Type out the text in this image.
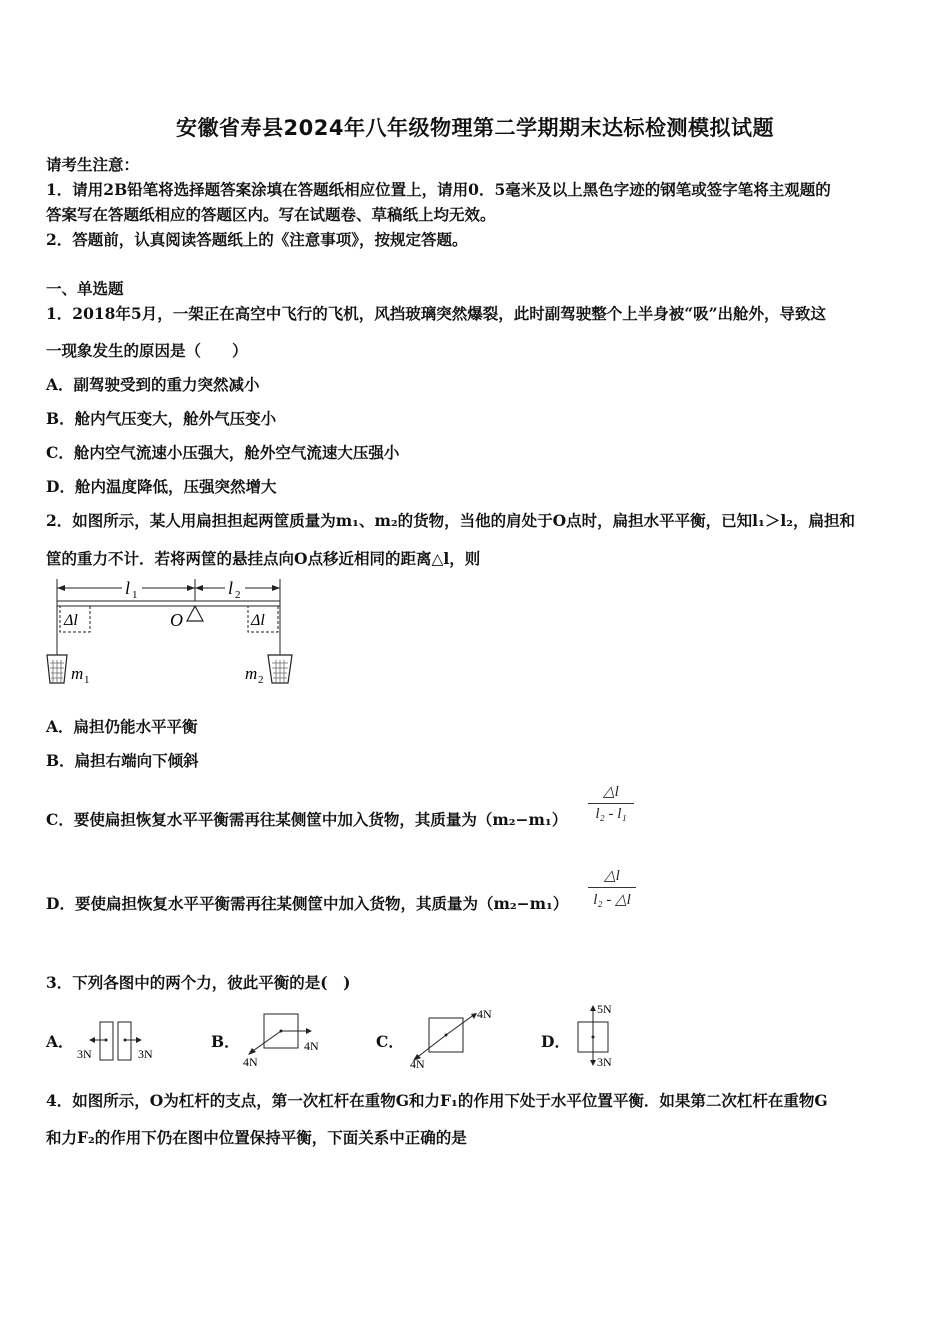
安徽省寿县2024年八年级物理第二学期期末达标检测模拟试题
请考生注意：
1．请用2B铅笔将选择题答案涂填在答题纸相应位置上，请用0．5毫米及以上黑色字迹的钢笔或签字笔将主观题的
答案写在答题纸相应的答题区内。写在试题卷、草稿纸上均无效。
2．答题前，认真阅读答题纸上的《注意事项》，按规定答题。
一、单选题
1．2018年5月，一架正在高空中飞行的飞机，风挡玻璃突然爆裂，此时副驾驶整个上半身被“吸”出舱外，导致这
一现象发生的原因是（　　）
A．副驾驶受到的重力突然减小
B．舱内气压变大，舱外气压变小
C．舱内空气流速小压强大，舱外空气流速大压强小
D．舱内温度降低，压强突然增大
2．如图所示，某人用扁担担起两筐质量为m₁、m₂的货物，当他的肩处于O点时，扁担水平平衡，已知l₁＞l₂，扁担和
筐的重力不计．若将两筐的悬挂点向O点移近相同的距离△l，则
l 1	l 2
O
Δl	Δl
m 1	m 2
A．扁担仍能水平平衡
B．扁担右端向下倾斜
C．要使扁担恢复水平平衡需再往某侧筐中加入货物，其质量为（m₂−m₁）
△l
l₂ - l₁
D．要使扁担恢复水平平衡需再往某侧筐中加入货物，其质量为（m₂−m₁）
△l
l₂ - △l
3．下列各图中的两个力，彼此平衡的是(　)
A．
3N	3N
B．
4N
4N	C．
4N
4N
D．
5N
3N
4．如图所示，O为杠杆的支点，第一次杠杆在重物G和力F₁的作用下处于水平位置平衡．如果第二次杠杆在重物G
和力F₂的作用下仍在图中位置保持平衡，下面关系中正确的是
